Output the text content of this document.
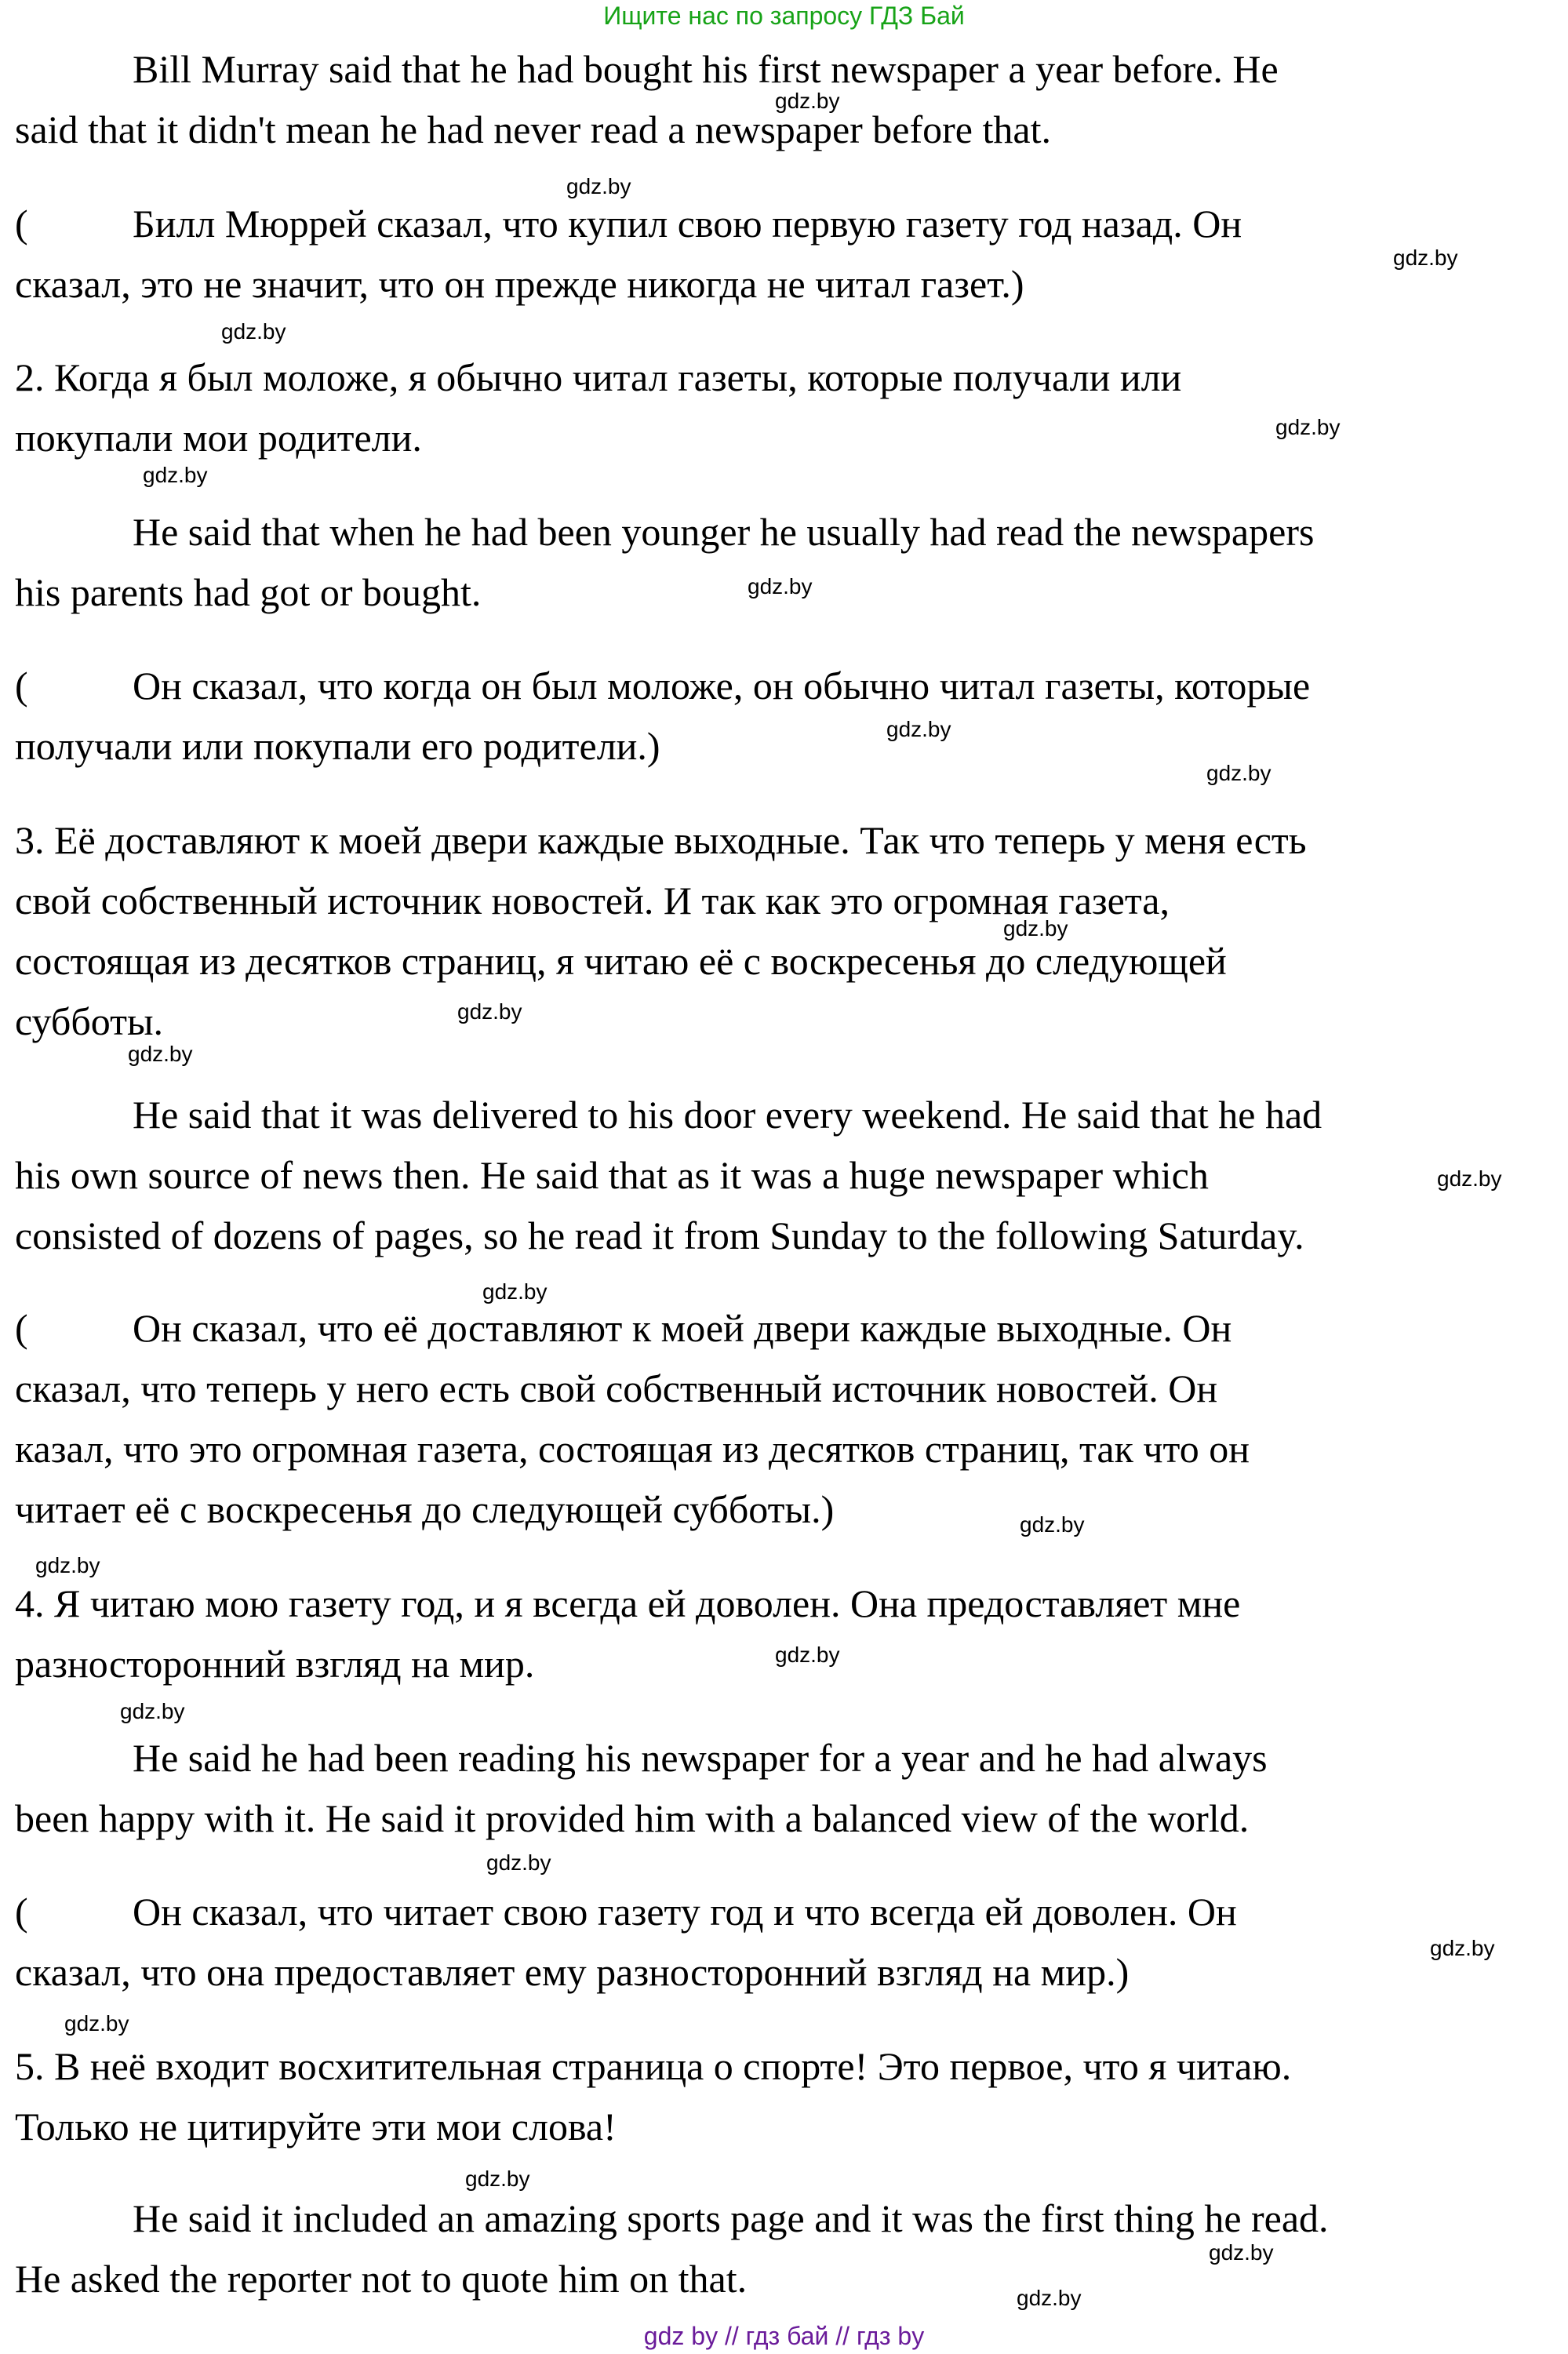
Ищите нас по запросу ГДЗ Бай
Bill Murray said that he had bought his first newspaper a year before. He
said that it didn't mean he had never read a newspaper before that.
(	Билл Мюррей сказал, что купил свою первую газету год назад. Он
сказал, это не значит, что он прежде никогда не читал газет.)
2. Когда я был моложе, я обычно читал газеты, которые получали или
покупали мои родители.
He said that when he had been younger he usually had read the newspapers
his parents had got or bought.
(	Он сказал, что когда он был моложе, он обычно читал газеты, которые
получали или покупали его родители.)
3. Её доставляют к моей двери каждые выходные. Так что теперь у меня есть
свой собственный источник новостей. И так как это огромная газета,
состоящая из десятков страниц, я читаю её с воскресенья до следующей
субботы.
He said that it was delivered to his door every weekend. He said that he had
his own source of news then. He said that as it was a huge newspaper which
consisted of dozens of pages, so he read it from Sunday to the following Saturday.
(	Он сказал, что её доставляют к моей двери каждые выходные. Он
сказал, что теперь у него есть свой собственный источник новостей. Он
казал, что это огромная газета, состоящая из десятков страниц, так что он
читает её с воскресенья до следующей субботы.)
4. Я читаю мою газету год, и я всегда ей доволен. Она предоставляет мне
разносторонний взгляд на мир.
He said he had been reading his newspaper for a year and he had always
been happy with it. He said it provided him with a balanced view of the world.
(	Он сказал, что читает свою газету год и что всегда ей доволен. Он
сказал, что она предоставляет ему разносторонний взгляд на мир.)
5. В неё входит восхитительная страница о спорте! Это первое, что я читаю.
Только не цитируйте эти мои слова!
He said it included an amazing sports page and it was the first thing he read.
He asked the reporter not to quote him on that.
gdz.by
gdz.by
gdz.by
gdz.by
gdz.by
gdz.by
gdz.by
gdz.by
gdz.by
gdz.by
gdz.by
gdz.by
gdz.by
gdz.by
gdz.by
gdz.by
gdz.by
gdz.by
gdz.by
gdz.by
gdz.by
gdz.by
gdz.by
gdz.by
gdz by // гдз бай // гдз by
